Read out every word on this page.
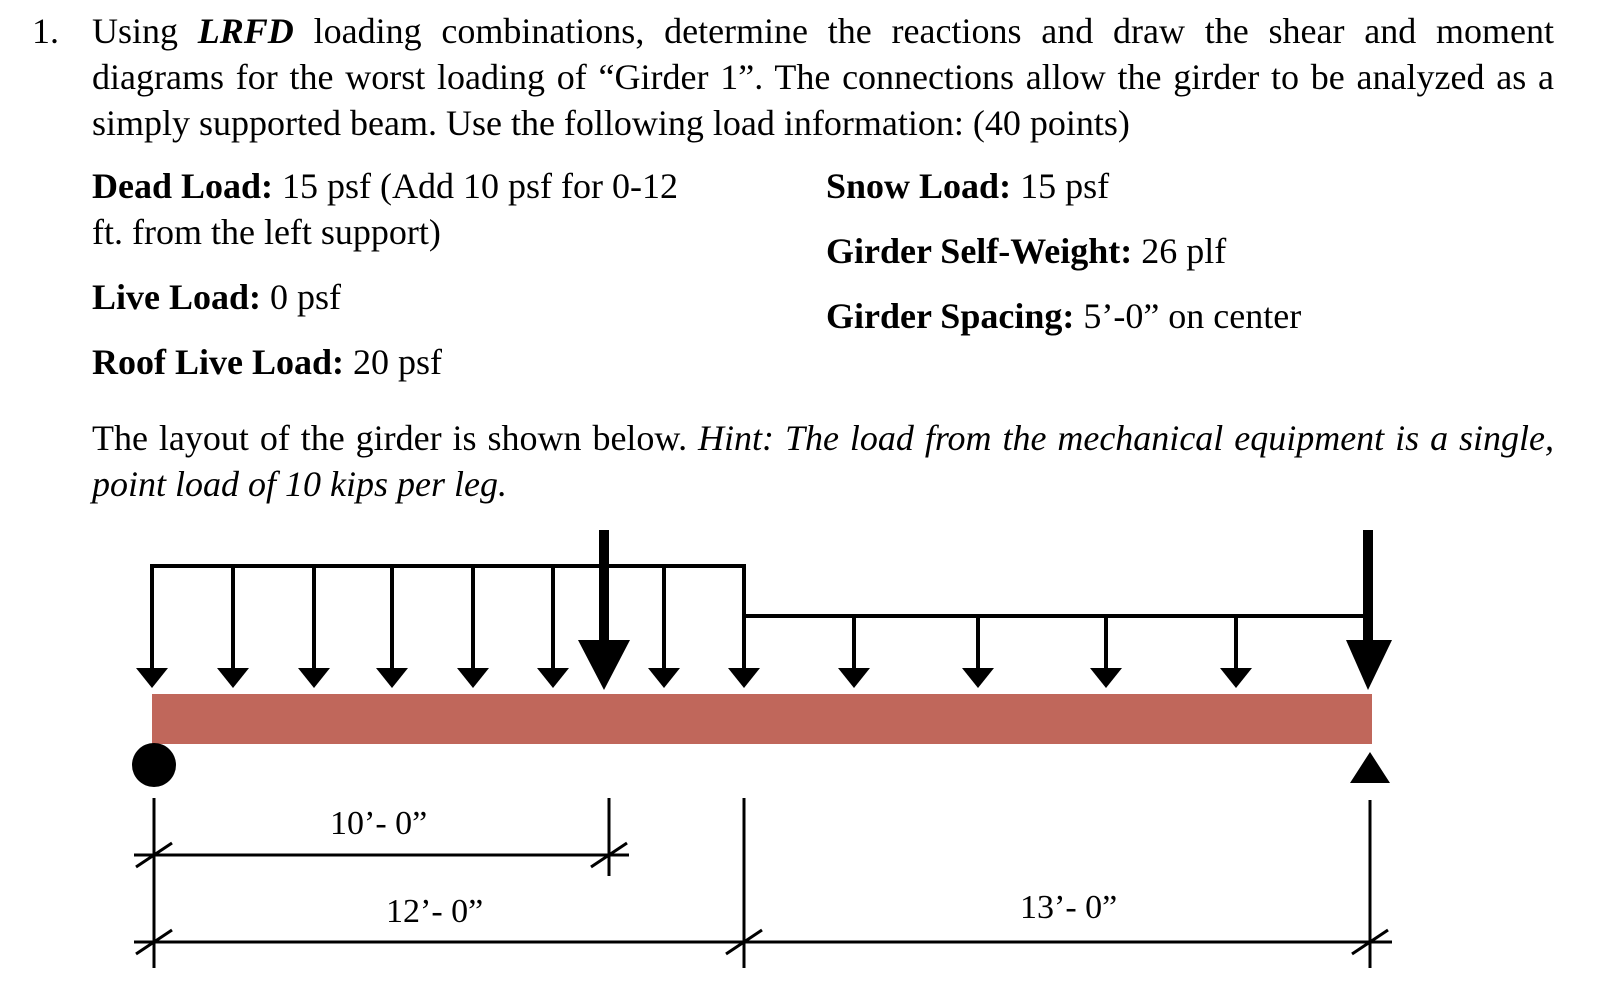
1. Using LRFD loading combinations, determine the reactions and draw the shear and moment diagrams for the worst loading of “Girder 1”. The connections allow the girder to be analyzed as a simply supported beam. Use the following load information: (40 points)
Dead Load: 15 psf (Add 10 psf for 0-12 ft. from the left support)
Live Load: 0 psf
Roof Live Load: 20 psf
Snow Load: 15 psf
Girder Self-Weight: 26 plf
Girder Spacing: 5’-0” on center
The layout of the girder is shown below. Hint: The load from the mechanical equipment is a single, point load of 10 kips per leg.
10’- 0”
12’- 0”	13’- 0”
